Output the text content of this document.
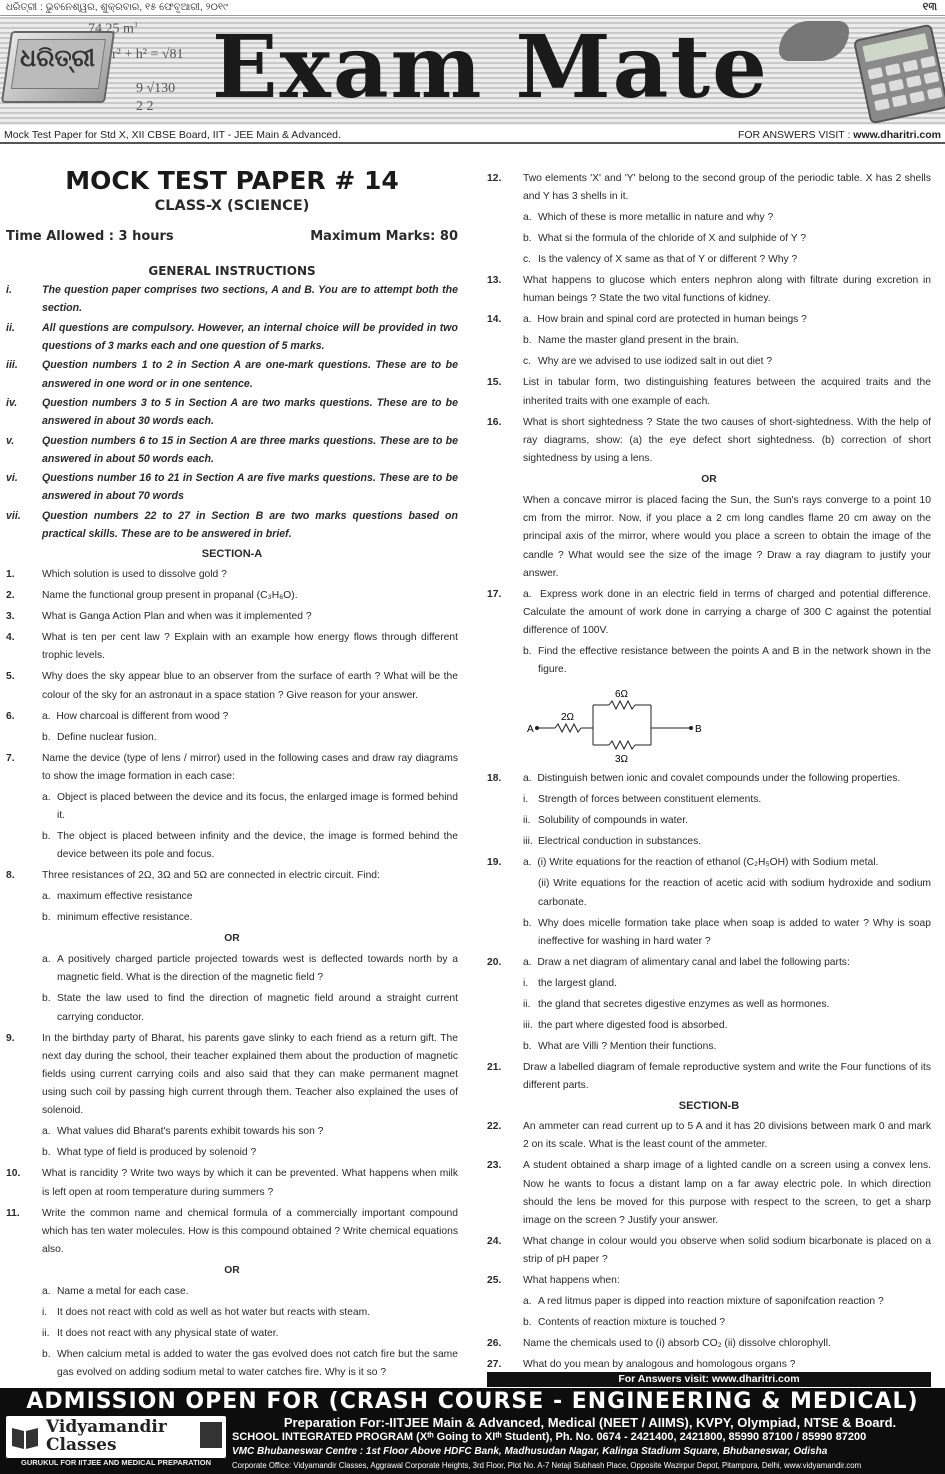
ଧରିତ୍ରୀ : ଭୁବନେଶ୍ୱର, ଶୁକ୍ରବାର, ୧୫ ଫେବୃଆରୀ, ୨୦୧୯	୧୩
ଧରିତ୍ରୀ
74.25 $m^3$
r² + h² = √81
9 √130
2 2 Exam Mate
Mock Test Paper for Std X, XII CBSE Board, IIT - JEE Main & Advanced.	FOR ANSWERS VISIT : www.dharitri.com
MOCK TEST PAPER # 14
CLASS-X (SCIENCE)
Time Allowed : 3 hours	Maximum Marks: 80
GENERAL INSTRUCTIONS
i.	The question paper comprises two sections, A and B. You are to attempt both the section.
ii.	All questions are compulsory. However, an internal choice will be provided in two questions of 3 marks each and one question of 5 marks.
iii.	Question numbers 1 to 2 in Section A are one-mark questions. These are to be answered in one word or in one sentence.
iv.	Question numbers 3 to 5 in Section A are two marks questions. These are to be answered in about 30 words each.
v.	Question numbers 6 to 15 in Section A are three marks questions. These are to be answered in about 50 words each.
vi.	Questions number 16 to 21 in Section A are five marks questions. These are to be answered in about 70 words
vii.	Question numbers 22 to 27 in Section B are two marks questions based on practical skills. These are to be answered in brief.
SECTION-A
1.	Which solution is used to dissolve gold ?
2.	Name the functional group present in propanal (C₃H₆O).
3.	What is Ganga Action Plan and when was it implemented ?
4.	What is ten per cent law ? Explain with an example how energy flows through different trophic levels.
5.	Why does the sky appear blue to an observer from the surface of earth ? What will be the colour of the sky for an astronaut in a space station ? Give reason for your answer.
6.	a.  How charcoal is different from wood ?
b. Define nuclear fusion.
7.	Name the device (type of lens / mirror) used in the following cases and draw ray diagrams to show the image formation in each case:
a. Object is placed between the device and its focus, the enlarged image is formed behind it.
b. The object is placed between infinity and the device, the image is formed behind the device between its pole and focus.
8.	Three resistances of 2Ω, 3Ω and 5Ω are connected in electric circuit. Find:
a. maximum effective resistance
b. minimum effective resistance.
OR
a. A positively charged particle projected towards west is deflected towards north by a magnetic field. What is the direction of the magnetic field ?
b. State the law used to find the direction of magnetic field around a straight current carrying conductor.
9.	In the birthday party of Bharat, his parents gave slinky to each friend as a return gift. The next day during the school, their teacher explained them about the production of magnetic fields using current carrying coils and also said that they can make permanent magnet using such coil by passing high current through them. Teacher also explained the uses of solenoid.
a. What values did Bharat's parents exhibit towards his son ?
b. What type of field is produced by solenoid ?
10.	What is rancidity ? Write two ways by which it can be prevented. What happens when milk is left open at room temperature during summers ?
11.	Write the common name and chemical formula of a commercially important compound which has ten water molecules. How is this compound obtained ? Write chemical equations also.
OR
a. Name a metal for each case.
i. It does not react with cold as well as hot water but reacts with steam.
ii. It does not react with any physical state of water.
b. When calcium metal is added to water the gas evolved does not catch fire but the same gas evolved on adding sodium metal to water catches fire. Why is it so ?
12.	Two elements 'X' and 'Y' belong to the second group of the periodic table. X has 2 shells and Y has 3 shells in it.
a. Which of these is more metallic in nature and why ?
b. What si the formula of the chloride of X and sulphide of Y ?
c. Is the valency of X same as that of Y or different ? Why ?
13.	What happens to glucose which enters nephron along with filtrate during excretion in human beings ? State the two vital functions of kidney.
14.	a.  How brain and spinal cord are protected in human beings ?
b. Name the master gland present in the brain.
c. Why are we advised to use iodized salt in out diet ?
15.	List in tabular form, two distinguishing features between the acquired traits and the inherited traits with one example of each.
16.	What is short sightedness ? State the two causes of short-sightedness. With the help of ray diagrams, show: (a) the eye defect short sightedness. (b) correction of short sightedness by using a lens.
OR
When a concave mirror is placed facing the Sun, the Sun's rays converge to a point 10 cm from the mirror. Now, if you place a 2 cm long candles flame 20 cm away on the principal axis of the mirror, where would you place a screen to obtain the image of the candle ? What would see the size of the image ? Draw a ray diagram to justify your answer.
17.	a.  Express work done in an electric field in terms of charged and potential difference. Calculate the amount of work done in carrying a charge of 300 C against the potential difference of 100V.
b. Find the effective resistance between the points A and B in the network shown in the figure.
A	B
6Ω
2Ω
3Ω
18.	a.  Distinguish betwen ionic and covalet compounds under the following properties.
i. Strength of forces between constituent elements.
ii. Solubility of compounds in water.
iii. Electrical conduction in substances.
19.	a.  (i) Write equations for the reaction of ethanol (C₂H₅OH) with Sodium metal.
(ii) Write equations for the reaction of acetic acid with sodium hydroxide and sodium carbonate.
b. Why does micelle formation take place when soap is added to water ? Why is soap ineffective for washing in hard water ?
20.	a.  Draw a net diagram of alimentary canal and label the following parts:
i. the largest gland.
ii. the gland that secretes digestive enzymes as well as hormones.
iii. the part where digested food is absorbed.
b. What are Villi ? Mention their functions.
21.	Draw a labelled diagram of female reproductive system and write the Four functions of its different parts.
SECTION-B
22.	An ammeter can read current up to 5 A and it has 20 divisions between mark 0 and mark 2 on its scale. What is the least count of the ammeter.
23.	A student obtained a sharp image of a lighted candle on a screen using a convex lens. Now he wants to focus a distant lamp on a far away electric pole. In which direction should the lens be moved for this purpose with respect to the screen, to get a sharp image on the screen ? Justify your answer.
24.	What change in colour would you observe when solid sodium bicarbonate is placed on a strip of pH paper ?
25.	What happens when:
a. A red litmus paper is dipped into reaction mixture of saponifcation reaction ?
b. Contents of reaction mixture is touched ?
26.	Name the chemicals used to (i) absorb CO₂ (ii) dissolve chlorophyll.
27.	What do you mean by analogous and homologous organs ?
For Answers visit: www.dharitri.com
ADMISSION OPEN FOR (CRASH COURSE - ENGINEERING & MEDICAL)
Vidyamandir
Classes
GURUKUL FOR IITJEE AND MEDICAL PREPARATION
Preparation For:-IITJEE Main & Advanced, Medical (NEET / AIIMS), KVPY, Olympiad, NTSE & Board.
SCHOOL INTEGRATED PROGRAM (Xᵗʰ Going to XIᵗʰ Student), Ph. No. 0674 - 2421400, 2421800, 85990 87100 / 85990 87200
VMC Bhubaneswar Centre : 1st Floor Above HDFC Bank, Madhusudan Nagar, Kalinga Stadium Square, Bhubaneswar, Odisha
Corporate Office: Vidyamandir Classes, Aggrawal Corporate Heights, 3rd Floor, Plot No. A-7 Netaji Subhash Place, Opposite Wazirpur Depot, Pitampura, Delhi, www.vidyamandir.com
